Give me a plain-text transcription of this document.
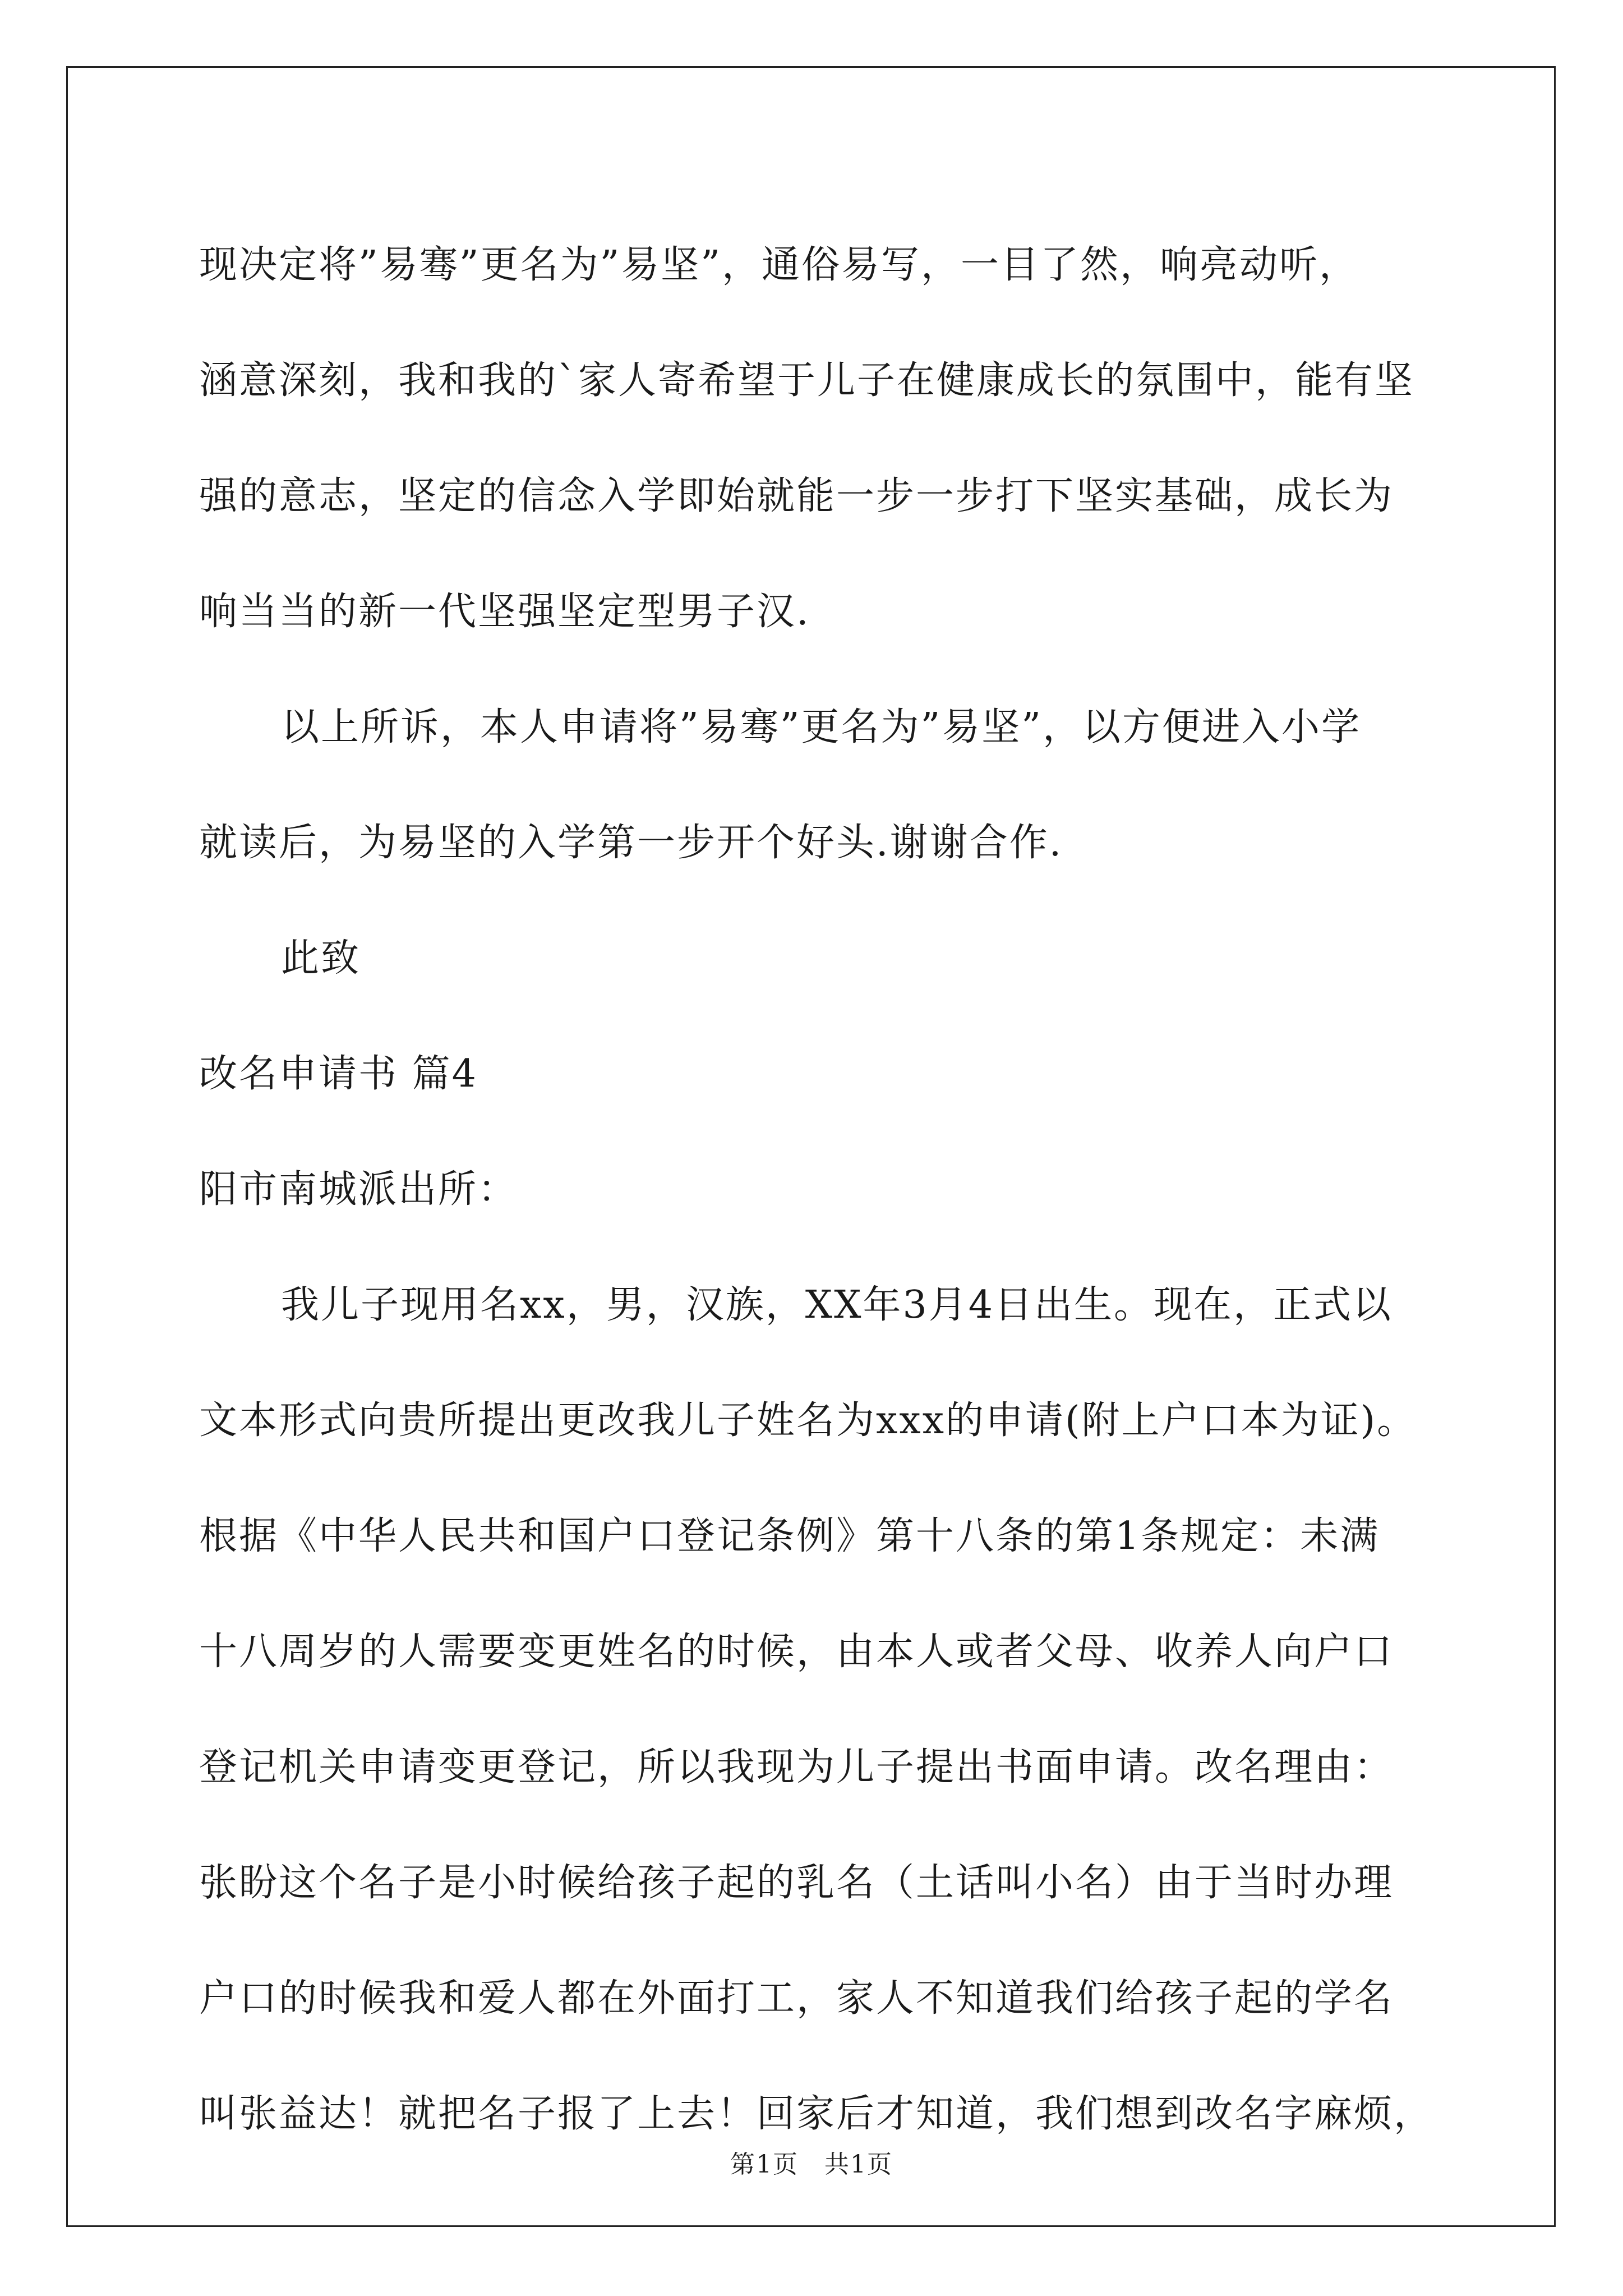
现决定将”易骞”更名为”易坚”，通俗易写，一目了然，响亮动听，
涵意深刻，我和我的`家人寄希望于儿子在健康成长的氛围中，能有坚
强的意志，坚定的信念入学即始就能一步一步打下坚实基础，成长为
响当当的新一代坚强坚定型男子汉.
以上所诉，本人申请将”易骞”更名为”易坚”，以方便进入小学
就读后，为易坚的入学第一步开个好头.谢谢合作.
此致
改名申请书 篇4
阳市南城派出所：
我儿子现用名xx，男，汉族，XX年3月4日出生。现在，正式以
文本形式向贵所提出更改我儿子姓名为xxx的申请(附上户口本为证)。
根据《中华人民共和国户口登记条例》第十八条的第1条规定：未满
十八周岁的人需要变更姓名的时候，由本人或者父母、收养人向户口
登记机关申请变更登记，所以我现为儿子提出书面申请。改名理由：
张盼这个名子是小时候给孩子起的乳名（土话叫小名）由于当时办理
户口的时候我和爱人都在外面打工，家人不知道我们给孩子起的学名
叫张益达！就把名子报了上去！回家后才知道，我们想到改名字麻烦，
第1页　共1页
